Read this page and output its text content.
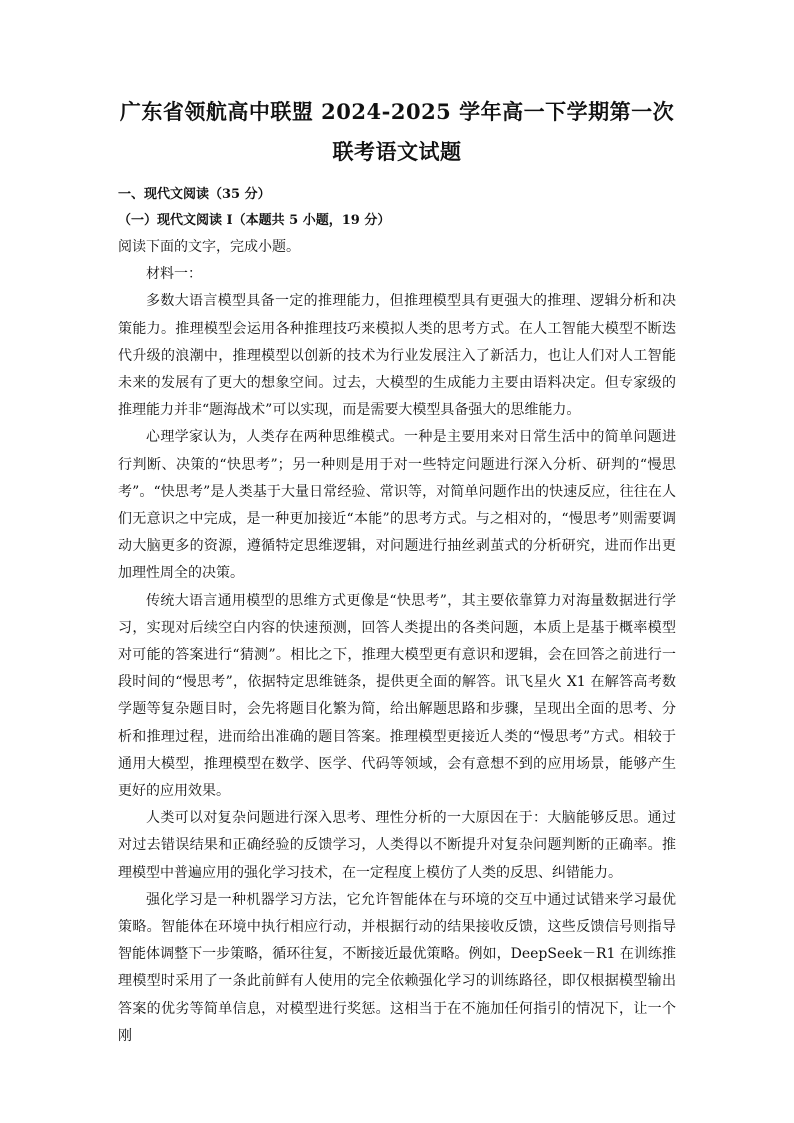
广东省领航高中联盟 2024-2025 学年高一下学期第一次
联考语文试题

一、现代文阅读（35 分）

（一）现代文阅读 I（本题共 5 小题，19 分）

阅读下面的文字，完成小题。

材料一：

多数大语言模型具备一定的推理能力，但推理模型具有更强大的推理、逻辑分析和决策能力。推理模型会运用各种推理技巧来模拟人类的思考方式。在人工智能大模型不断迭代升级的浪潮中，推理模型以创新的技术为行业发展注入了新活力，也让人们对人工智能未来的发展有了更大的想象空间。过去，大模型的生成能力主要由语料决定。但专家级的推理能力并非“题海战术”可以实现，而是需要大模型具备强大的思维能力。

心理学家认为，人类存在两种思维模式。一种是主要用来对日常生活中的简单问题进行判断、决策的“快思考”；另一种则是用于对一些特定问题进行深入分析、研判的“慢思考”。“快思考”是人类基于大量日常经验、常识等，对简单问题作出的快速反应，往往在人们无意识之中完成，是一种更加接近“本能”的思考方式。与之相对的，“慢思考”则需要调动大脑更多的资源，遵循特定思维逻辑，对问题进行抽丝剥茧式的分析研究，进而作出更加理性周全的决策。

传统大语言通用模型的思维方式更像是“快思考”，其主要依靠算力对海量数据进行学习，实现对后续空白内容的快速预测，回答人类提出的各类问题，本质上是基于概率模型对可能的答案进行“猜测”。相比之下，推理大模型更有意识和逻辑，会在回答之前进行一段时间的“慢思考”，依据特定思维链条，提供更全面的解答。讯飞星火 X1 在解答高考数学题等复杂题目时，会先将题目化繁为简，给出解题思路和步骤，呈现出全面的思考、分析和推理过程，进而给出准确的题目答案。推理模型更接近人类的“慢思考”方式。相较于通用大模型，推理模型在数学、医学、代码等领域，会有意想不到的应用场景，能够产生更好的应用效果。

人类可以对复杂问题进行深入思考、理性分析的一大原因在于：大脑能够反思。通过对过去错误结果和正确经验的反馈学习，人类得以不断提升对复杂问题判断的正确率。推理模型中普遍应用的强化学习技术，在一定程度上模仿了人类的反思、纠错能力。

强化学习是一种机器学习方法，它允许智能体在与环境的交互中通过试错来学习最优策略。智能体在环境中执行相应行动，并根据行动的结果接收反馈，这些反馈信号则指导智能体调整下一步策略，循环往复，不断接近最优策略。例如，DeepSeek－R1 在训练推理模型时采用了一条此前鲜有人使用的完全依赖强化学习的训练路径，即仅根据模型输出答案的优劣等简单信息，对模型进行奖惩。这相当于在不施加任何指引的情况下，让一个刚
